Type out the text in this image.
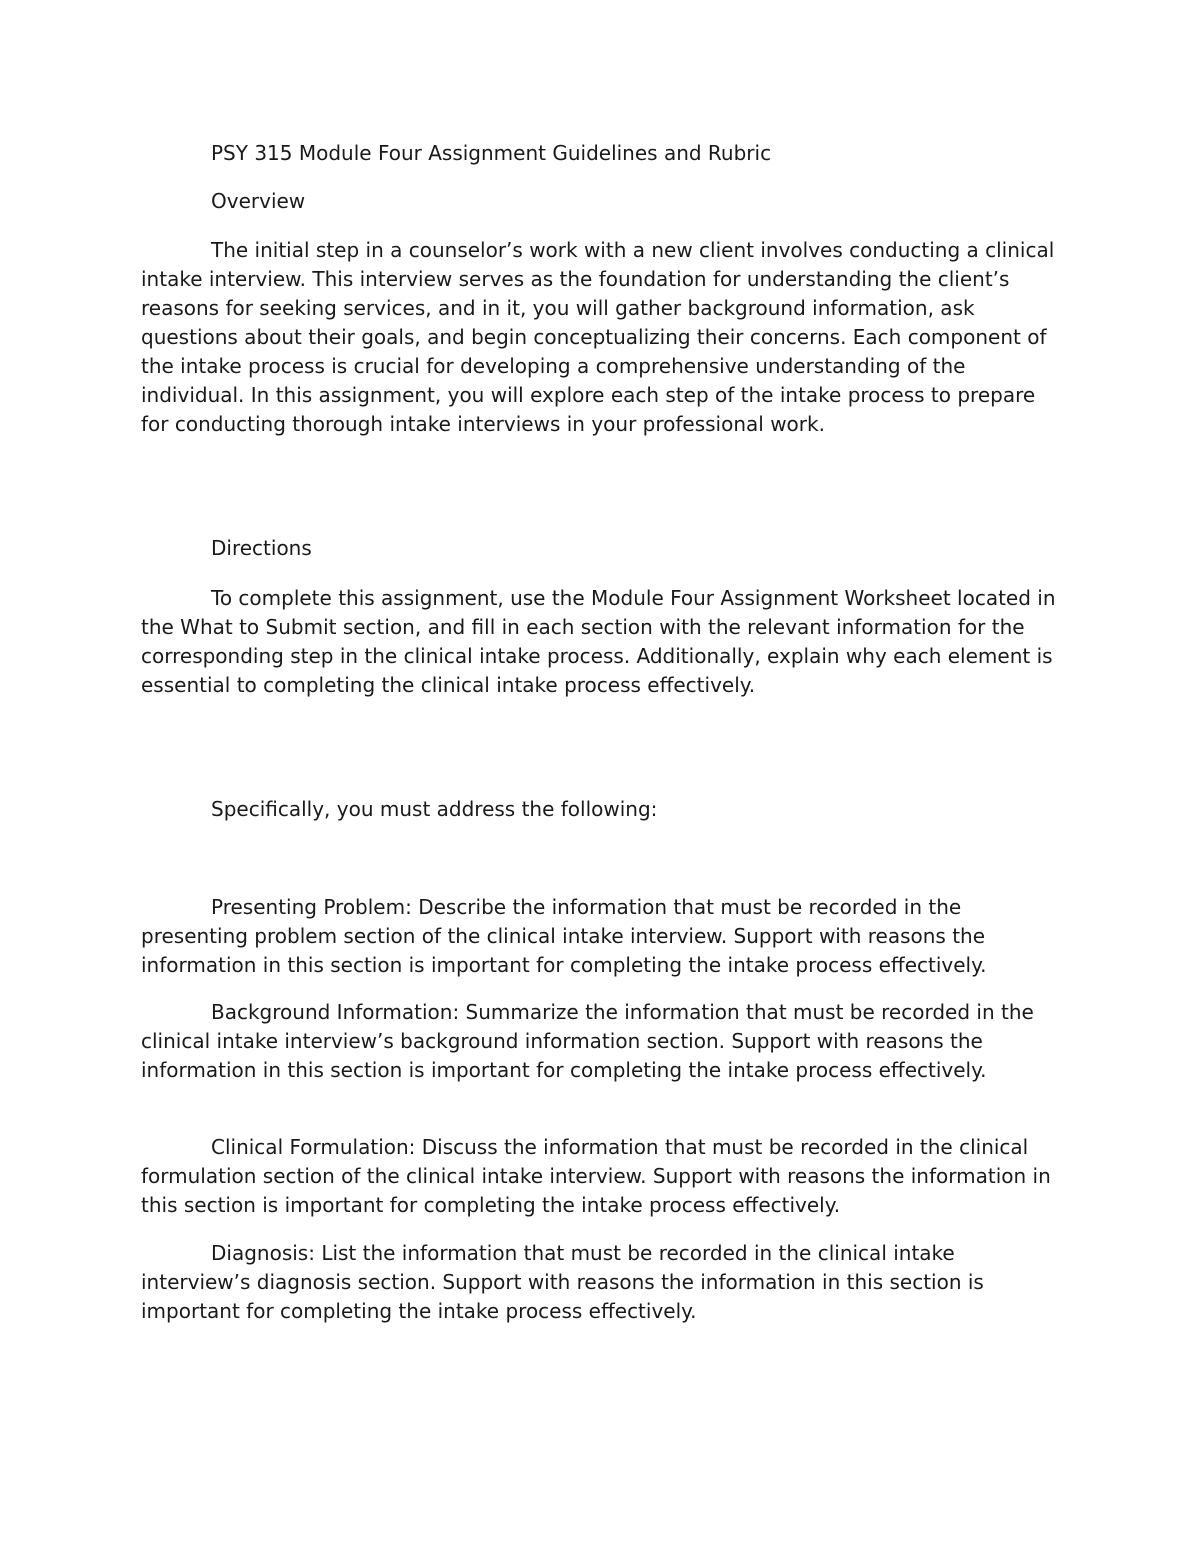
PSY 315 Module Four Assignment Guidelines and Rubric

Overview

The initial step in a counselor’s work with a new client involves conducting a clinical intake interview. This interview serves as the foundation for understanding the client’s reasons for seeking services, and in it, you will gather background information, ask questions about their goals, and begin conceptualizing their concerns. Each component of the intake process is crucial for developing a comprehensive understanding of the individual. In this assignment, you will explore each step of the intake process to prepare for conducting thorough intake interviews in your professional work.

Directions

To complete this assignment, use the Module Four Assignment Worksheet located in the What to Submit section, and fill in each section with the relevant information for the corresponding step in the clinical intake process. Additionally, explain why each element is essential to completing the clinical intake process effectively.

Specifically, you must address the following:

Presenting Problem: Describe the information that must be recorded in the presenting problem section of the clinical intake interview. Support with reasons the information in this section is important for completing the intake process effectively.

Background Information: Summarize the information that must be recorded in the clinical intake interview’s background information section. Support with reasons the information in this section is important for completing the intake process effectively.

Clinical Formulation: Discuss the information that must be recorded in the clinical formulation section of the clinical intake interview. Support with reasons the information in this section is important for completing the intake process effectively.

Diagnosis: List the information that must be recorded in the clinical intake interview’s diagnosis section. Support with reasons the information in this section is important for completing the intake process effectively.
